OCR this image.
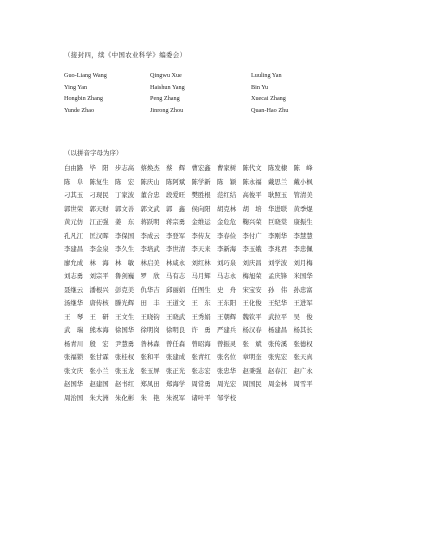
（接封四，续《中国农业科学》编委会）
Guo-Liang Wang	Qingwu Xue	Luuling Yan
Ying Yan	Haishun Yang	Bin Yu
Hongbin Zhang	Peng Zhang	Xuecai Zhang
Yunde Zhao	Jinrong Zhou	Quan-Hao Zhu
（以拼音字母为序）
白由路 毕　阳 步志高 蔡焕杰 蔡　辉 曹宏鑫 曹家树 陈代文 陈发棣 陈　峰
陈　阜 陈复生 陈　宏 陈庆山 陈阿斌 陈学新 陈　颖 陈永福 戴思兰 戴小枫
刁其玉 刁现民 丁家波 董合忠 段爱旺 樊胜根 范红结 高俊平 耿照玉 管清美
郭世荣 郭天财 郭文善 郭文武 郭　鑫 侯向阳 胡克林 胡　培 华进联 黄季焜
黄元仿 江正强 姜　东 蒋跃明 蒋宗勇 金维运 金危危 鞠兴荣 巨晓棠 康振生
孔凡江 匡汉晖 李保国 李成云 李登军 李传友 李春俭 李付广 李刚华 李慧慧
李建昌 李金泉 李久生 李培武 李世清 李天来 李新海 李玉娥 李兆君 李忠佩
廖允成 林　海 林　敏 林启美 林咸永 刘红林 刘巧泉 刘庆昌 刘学波 刘月梅
刘志勇 刘宗平 鲁剑巍 罗　欣 马有志 马月辉 马志永 梅旭荣 孟庆锋 米国华
聂继云 潘根兴 彭克美 仇华吉 邱丽娟 任图生 史　舟 宋宝安 孙　伟 孙忠富
汤继华 唐传核 滕光辉 田　丰 王道文 王　东 王东阳 王化俊 王纪华 王进军
王　琴 王　研 王文生 王晓钧 王晓武 王秀娟 王朝辉 魏钦平 武拉平 吴　俊
武　瑞 熊本海 徐国华 徐明岗 徐明良 许　勇 严建兵 杨汉春 杨建昌 杨其长
杨青川 殷　宏 尹慧勇 昝林森 曾任森 曾昭海 曾振灵 张　斌 张传溪 张德权
张福锁 张甘霖 张桂权 张和平 张建成 张青红 张名位 章明奎 张宪宏 张天真
张文庆 张小兰 张玉龙 张玉屏 张正光 张志宏 张忠华 赵秉强 赵春江 赵广永
赵国华 赵建国 赵书红 郑凤田 郑海学 周常勇 周光宏 周国民 周金林 周雪平
周治国 朱大洲 朱化彬 朱　艳 朱祝军 诸叶平 邹学校
